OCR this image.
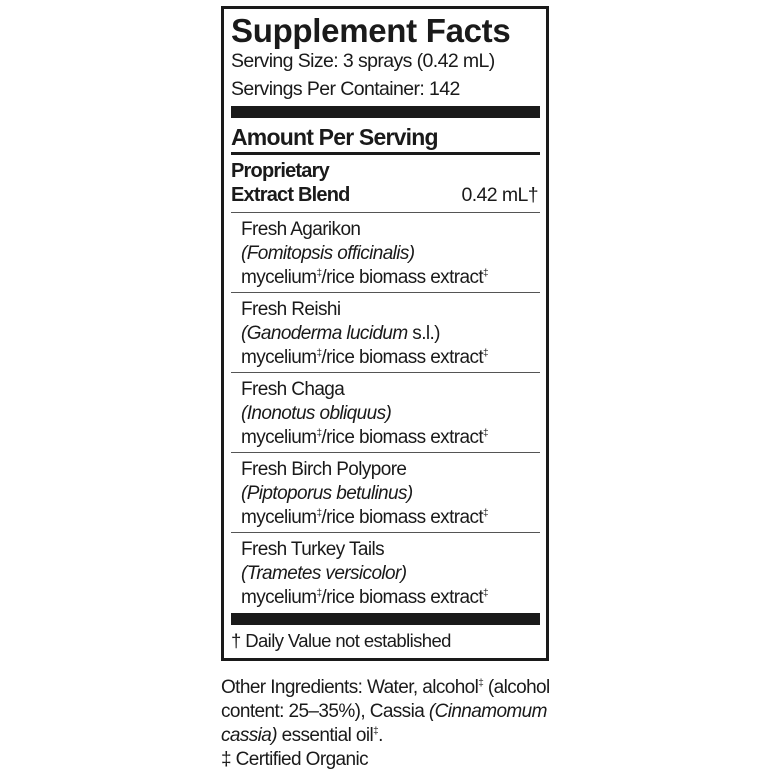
Supplement Facts
Serving Size: 3 sprays (0.42 mL)
Servings Per Container: 142
Amount Per Serving
Proprietary
Extract Blend	0.42 mL†
Fresh Agarikon
(Fomitopsis officinalis)
mycelium‡/rice biomass extract‡
Fresh Reishi
(Ganoderma lucidum s.l.)
mycelium‡/rice biomass extract‡
Fresh Chaga
(Inonotus obliquus)
mycelium‡/rice biomass extract‡
Fresh Birch Polypore
(Piptoporus betulinus)
mycelium‡/rice biomass extract‡
Fresh Turkey Tails
(Trametes versicolor)
mycelium‡/rice biomass extract‡
† Daily Value not established
Other Ingredients: Water, alcohol‡ (alcohol content: 25–35%), Cassia (Cinnamomum cassia) essential oil‡.
‡ Certified Organic
